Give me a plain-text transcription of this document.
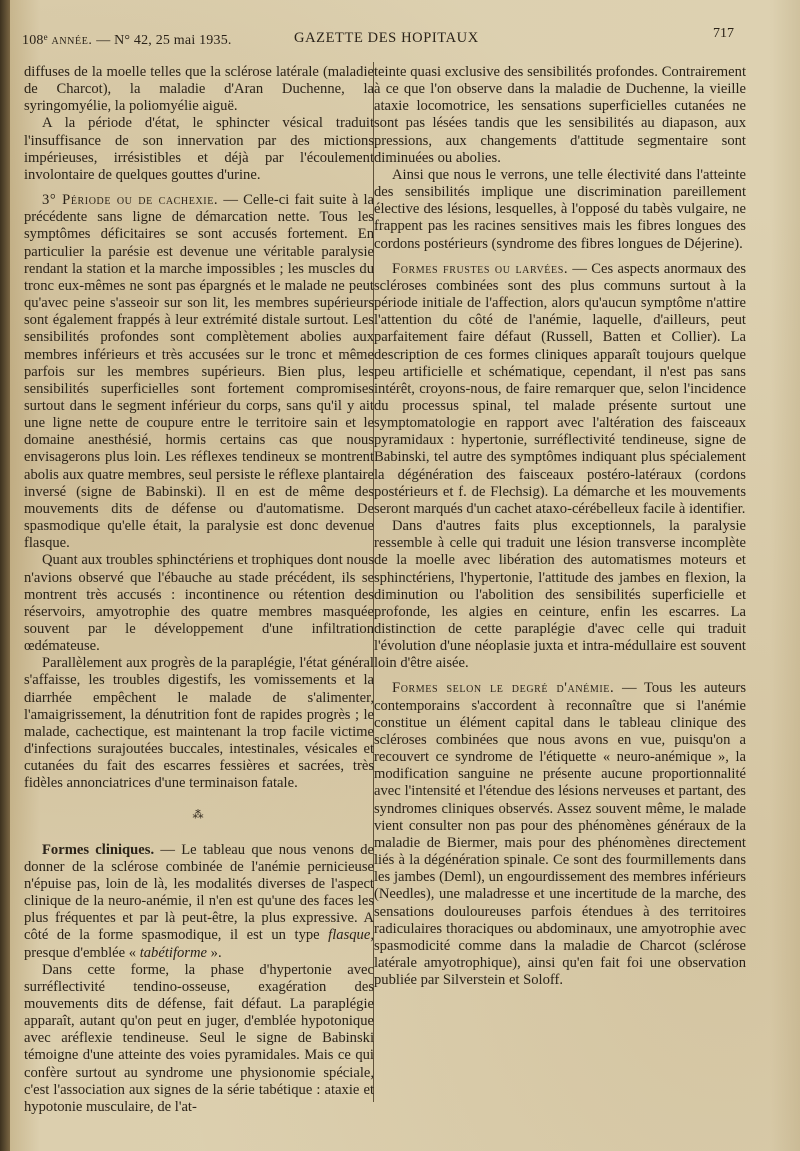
108e année. — N° 42, 25 mai 1935.	GAZETTE DES HOPITAUX	717

diffuses de la moelle telles que la sclérose latérale (maladie de Charcot), la maladie d'Aran Duchenne, la syringomyélie, la poliomyélie aiguë.

A la période d'état, le sphincter vésical traduit l'insuffisance de son innervation par des mictions impérieuses, irrésistibles et déjà par l'écoulement involontaire de quelques gouttes d'urine.

3° Période ou de cachexie. — Celle-ci fait suite à la précédente sans ligne de démarcation nette. Tous les symptômes déficitaires se sont accusés fortement. En particulier la parésie est devenue une véritable paralysie rendant la station et la marche impossibles ; les muscles du tronc eux-mêmes ne sont pas épargnés et le malade ne peut qu'avec peine s'asseoir sur son lit, les membres supérieurs sont également frappés à leur extrémité distale surtout. Les sensibilités profondes sont complètement abolies aux membres inférieurs et très accusées sur le tronc et même parfois sur les membres supérieurs. Bien plus, les sensibilités superficielles sont fortement compromises surtout dans le segment inférieur du corps, sans qu'il y ait une ligne nette de coupure entre le territoire sain et le domaine anesthésié, hormis certains cas que nous envisagerons plus loin. Les réflexes tendineux se montrent abolis aux quatre membres, seul persiste le réflexe plantaire inversé (signe de Babinski). Il en est de même des mouvements dits de défense ou d'automatisme. De spasmodique qu'elle était, la paralysie est donc devenue flasque.

Quant aux troubles sphinctériens et trophiques dont nous n'avions observé que l'ébauche au stade précédent, ils se montrent très accusés : incontinence ou rétention des réservoirs, amyotrophie des quatre membres masquée souvent par le développement d'une infiltration œdémateuse.

Parallèlement aux progrès de la paraplégie, l'état général s'affaisse, les troubles digestifs, les vomissements et la diarrhée empêchent le malade de s'alimenter, l'amaigrissement, la dénutrition font de rapides progrès ; le malade, cachectique, est maintenant la trop facile victime d'infections surajoutées buccales, intestinales, vésicales et cutanées du fait des escarres fessières et sacrées, très fidèles annonciatrices d'une terminaison fatale.

⁂

Formes cliniques. — Le tableau que nous venons de donner de la sclérose combinée de l'anémie pernicieuse n'épuise pas, loin de là, les modalités diverses de l'aspect clinique de la neuro-anémie, il n'en est qu'une des faces les plus fréquentes et par là peut-être, la plus expressive. A côté de la forme spasmodique, il est un type flasque, presque d'emblée « tabétiforme ».

Dans cette forme, la phase d'hypertonie avec surréflectivité tendino-osseuse, exagération des mouvements dits de défense, fait défaut. La paraplégie apparaît, autant qu'on peut en juger, d'emblée hypotonique avec aréflexie tendineuse. Seul le signe de Babinski témoigne d'une atteinte des voies pyramidales. Mais ce qui confère surtout au syndrome une physionomie spéciale, c'est l'association aux signes de la série tabétique : ataxie et hypotonie musculaire, de l'at-

teinte quasi exclusive des sensibilités profondes. Contrairement à ce que l'on observe dans la maladie de Duchenne, la vieille ataxie locomotrice, les sensations superficielles cutanées ne sont pas lésées tandis que les sensibilités au diapason, aux pressions, aux changements d'attitude segmentaire sont diminuées ou abolies.

Ainsi que nous le verrons, une telle électivité dans l'atteinte des sensibilités implique une discrimination pareillement élective des lésions, lesquelles, à l'opposé du tabès vulgaire, ne frappent pas les racines sensitives mais les fibres longues des cordons postérieurs (syndrome des fibres longues de Déjerine).

Formes frustes ou larvées. — Ces aspects anormaux des scléroses combinées sont des plus communs surtout à la période initiale de l'affection, alors qu'aucun symptôme n'attire l'attention du côté de l'anémie, laquelle, d'ailleurs, peut parfaitement faire défaut (Russell, Batten et Collier). La description de ces formes cliniques apparaît toujours quelque peu artificielle et schématique, cependant, il n'est pas sans intérêt, croyons-nous, de faire remarquer que, selon l'incidence du processus spinal, tel malade présente surtout une symptomatologie en rapport avec l'altération des faisceaux pyramidaux : hypertonie, surréflectivité tendineuse, signe de Babinski, tel autre des symptômes indiquant plus spécialement la dégénération des faisceaux postéro-latéraux (cordons postérieurs et f. de Flechsig). La démarche et les mouvements seront marqués d'un cachet ataxo-cérébelleux facile à identifier.

Dans d'autres faits plus exceptionnels, la paralysie ressemble à celle qui traduit une lésion transverse incomplète de la moelle avec libération des automatismes moteurs et sphinctériens, l'hypertonie, l'attitude des jambes en flexion, la diminution ou l'abolition des sensibilités superficielle et profonde, les algies en ceinture, enfin les escarres. La distinction de cette paraplégie d'avec celle qui traduit l'évolution d'une néoplasie juxta et intra-médullaire est souvent loin d'être aisée.

Formes selon le degré d'anémie. — Tous les auteurs contemporains s'accordent à reconnaître que si l'anémie constitue un élément capital dans le tableau clinique des scléroses combinées que nous avons en vue, puisqu'on a recouvert ce syndrome de l'étiquette « neuro-anémique », la modification sanguine ne présente aucune proportionnalité avec l'intensité et l'étendue des lésions nerveuses et partant, des syndromes cliniques observés. Assez souvent même, le malade vient consulter non pas pour des phénomènes généraux de la maladie de Biermer, mais pour des phénomènes directement liés à la dégénération spinale. Ce sont des fourmillements dans les jambes (Deml), un engourdissement des membres inférieurs (Needles), une maladresse et une incertitude de la marche, des sensations douloureuses parfois étendues à des territoires radiculaires thoraciques ou abdominaux, une amyotrophie avec spasmodicité comme dans la maladie de Charcot (sclérose latérale amyotrophique), ainsi qu'en fait foi une observation publiée par Silverstein et Soloff.
